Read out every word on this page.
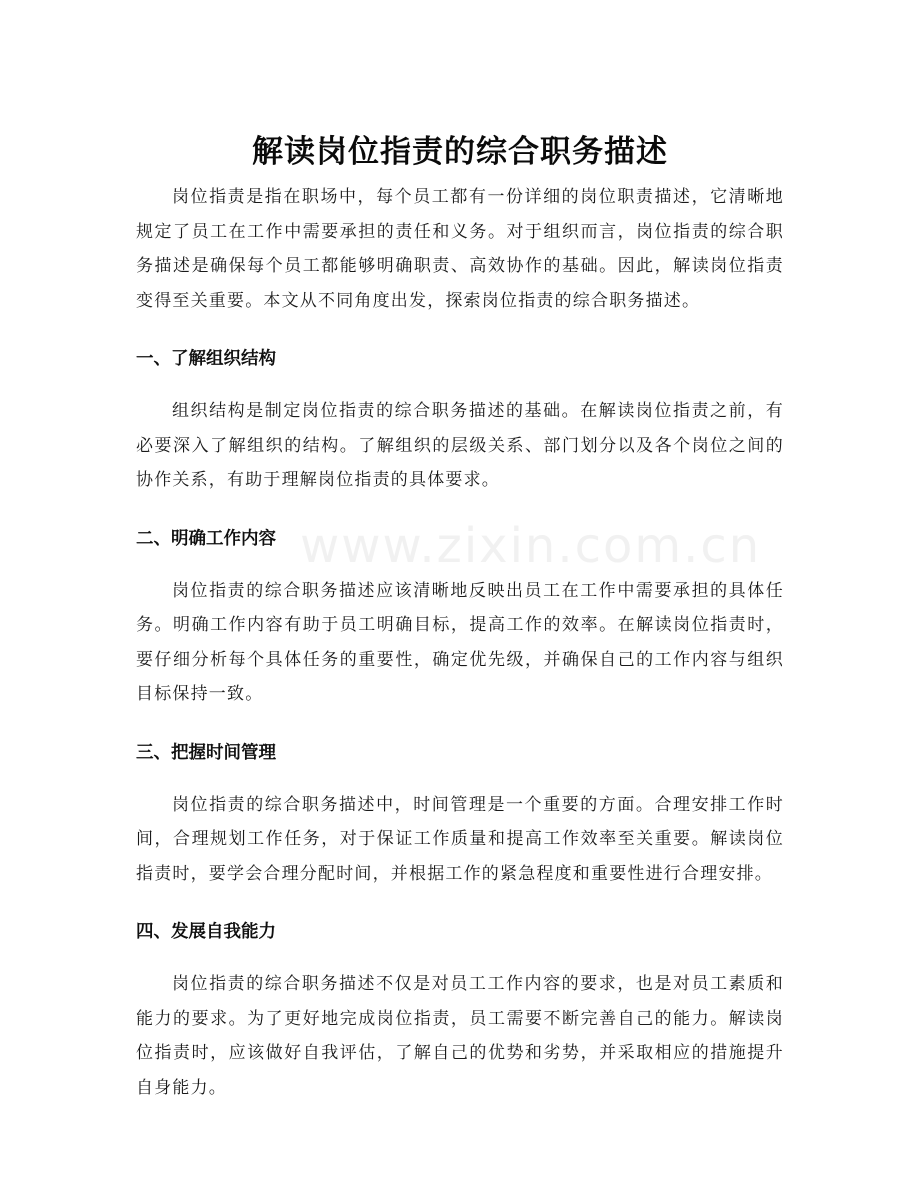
解读岗位指责的综合职务描述

岗位指责是指在职场中，每个员工都有一份详细的岗位职责描述，它清晰地规定了员工在工作中需要承担的责任和义务。对于组织而言，岗位指责的综合职务描述是确保每个员工都能够明确职责、高效协作的基础。因此，解读岗位指责变得至关重要。本文从不同角度出发，探索岗位指责的综合职务描述。

一、了解组织结构

组织结构是制定岗位指责的综合职务描述的基础。在解读岗位指责之前，有必要深入了解组织的结构。了解组织的层级关系、部门划分以及各个岗位之间的协作关系，有助于理解岗位指责的具体要求。

二、明确工作内容

岗位指责的综合职务描述应该清晰地反映出员工在工作中需要承担的具体任务。明确工作内容有助于员工明确目标，提高工作的效率。在解读岗位指责时，要仔细分析每个具体任务的重要性，确定优先级，并确保自己的工作内容与组织目标保持一致。

三、把握时间管理

岗位指责的综合职务描述中，时间管理是一个重要的方面。合理安排工作时间，合理规划工作任务，对于保证工作质量和提高工作效率至关重要。解读岗位指责时，要学会合理分配时间，并根据工作的紧急程度和重要性进行合理安排。

四、发展自我能力

岗位指责的综合职务描述不仅是对员工工作内容的要求，也是对员工素质和能力的要求。为了更好地完成岗位指责，员工需要不断完善自己的能力。解读岗位指责时，应该做好自我评估，了解自己的优势和劣势，并采取相应的措施提升自身能力。

www.zixin.com.cn
